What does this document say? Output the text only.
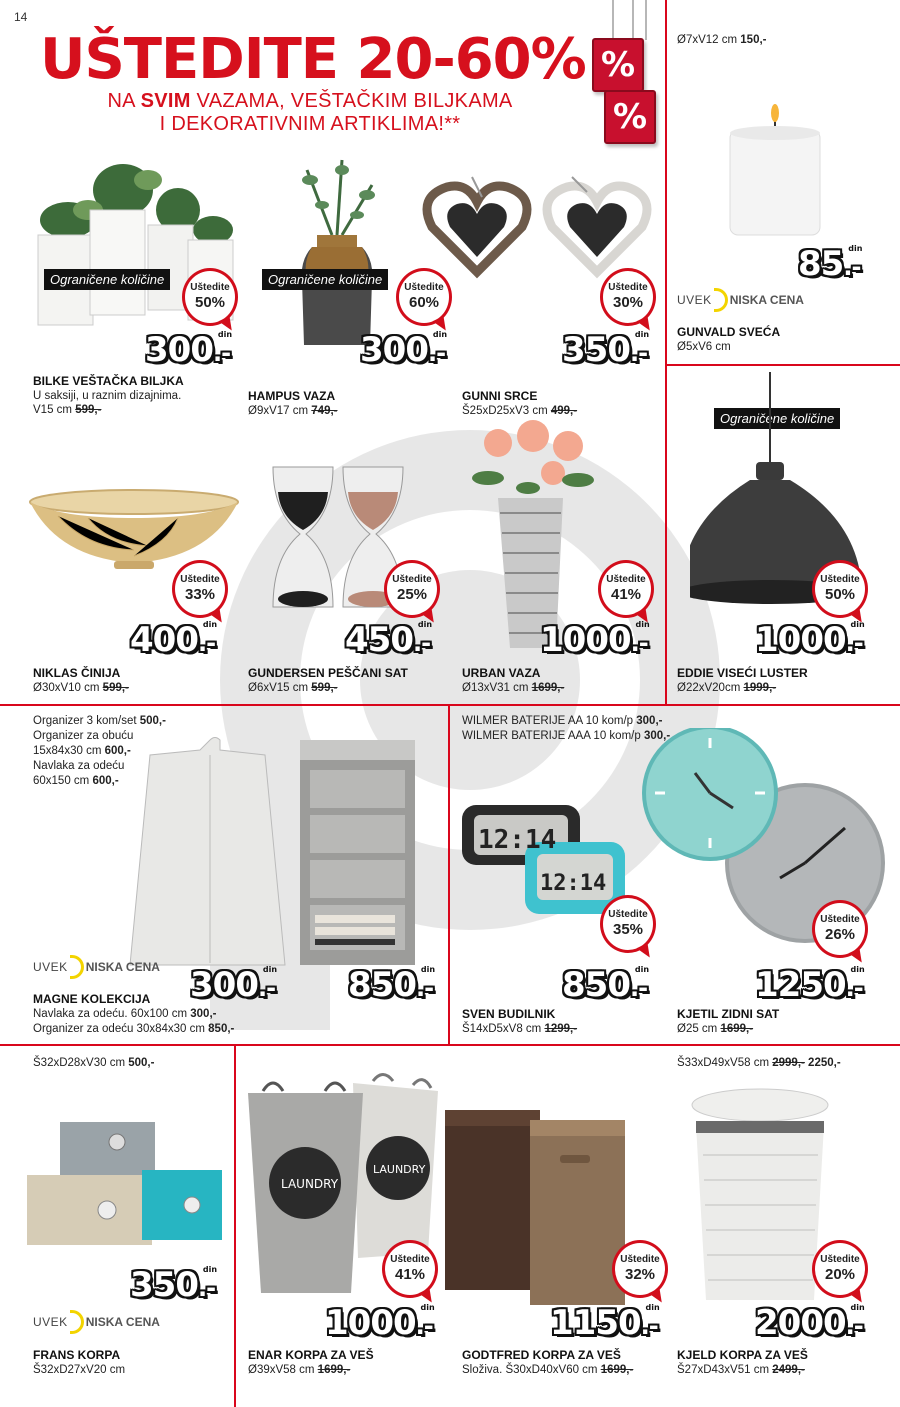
14
UŠTEDITE 20-60%
NA SVIM VAZAMA, VEŠTAČKIM BILJKAMA
I DEKORATIVNIM ARTIKLIMA!**
%
%
Ograničene količine
Uštedite
50%
300.-
din
BILKE VEŠTAČKA BILJKA
U saksiji, u raznim dizajnima.
V15 cm 599,-
Ograničene količine
Uštedite
60%
300.-
din
HAMPUS VAZA
Ø9xV17 cm 749,-
Uštedite
30%
350.-
din
GUNNI SRCE
Š25xD25xV3 cm 499,-
Ø7xV12 cm 150,-
85.-
din
UVEK NISKA CENA
GUNVALD SVEĆA
Ø5xV6 cm
Uštedite
33%
400.-
din
NIKLAS ČINIJA
Ø30xV10 cm 599,-
Uštedite
25%
450.-
din
GUNDERSEN PEŠČANI SAT
Ø6xV15 cm 599,-
Uštedite
41%
1000.-
din
URBAN VAZA
Ø13xV31 cm 1699,-
Ograničene količine
Uštedite
50%
1000.-
din
EDDIE VISEĆI LUSTER
Ø22xV20cm 1999,-
Organizer 3 kom/set 500,-
Organizer za obuću
15x84x30 cm 600,-
Navlaka za odeću
60x150 cm 600,-
UVEK NISKA CENA 300.-
din 850.-
din
MAGNE KOLEKCIJA
Navlaka za odeću. 60x100 cm 300,-
Organizer za odeću 30x84x30 cm 850,-
WILMER BATERIJE AA 10 kom/p 300,-
WILMER BATERIJE AAA 10 kom/p 300,-
12:14
12:14
Uštedite
35%
850.-
din
SVEN BUDILNIK
Š14xD5xV8 cm 1299,-
Uštedite
26%
1250.-
din
KJETIL ZIDNI SAT
Ø25 cm 1699,-
Š32xD28xV30 cm 500,-
350.-
din
UVEK NISKA CENA
FRANS KORPA
Š32xD27xV20 cm
LAUNDRY
LAUNDRY
Uštedite
41%
1000.-
din
ENAR KORPA ZA VEŠ
Ø39xV58 cm 1699,-
Uštedite
32%
1150.-
din
GODTFRED KORPA ZA VEŠ
Složiva. Š30xD40xV60 cm 1699,-
Š33xD49xV58 cm 2999,- 2250,-
Uštedite
20%
2000.-
din
KJELD KORPA ZA VEŠ
Š27xD43xV51 cm 2499,-
